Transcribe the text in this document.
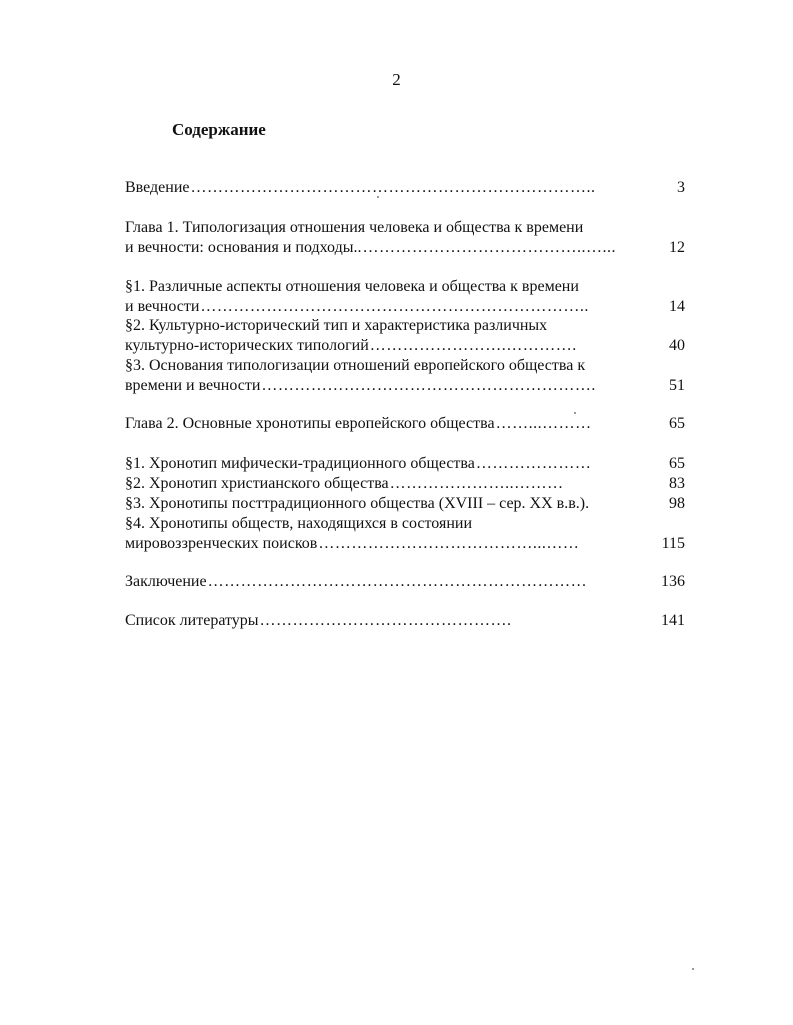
2
Содержание
Введение ………………………………………………………………..	3
Глава 1. Типологизация отношения человека и общества к времени
и вечности: основания и подходы.. …………………………………..…...	12
§1. Различные аспекты отношения человека и общества к времени
и вечности ……………………………………………………………..	14
§2. Культурно-исторический тип и характеристика различных
культурно-исторических типологий …………………….………….	40
§3. Основания типологизации отношений европейского общества к
времени и вечности …………………………………………………….	51
Глава 2. Основные хронотипы европейского общества ……...………	65
§1. Хронотип мифически-традиционного общества …………………	65
§2. Хронотип христианского общества …………………..………	83
§3. Хронотипы посттрадиционного общества (XVIII – сер. XX в.в.).	98
§4. Хронотипы обществ, находящихся в состоянии
мировоззренческих поисков …………………………………...……	115
Заключение ……………………………………………………………	136
Список литературы ……………………………………….	141
